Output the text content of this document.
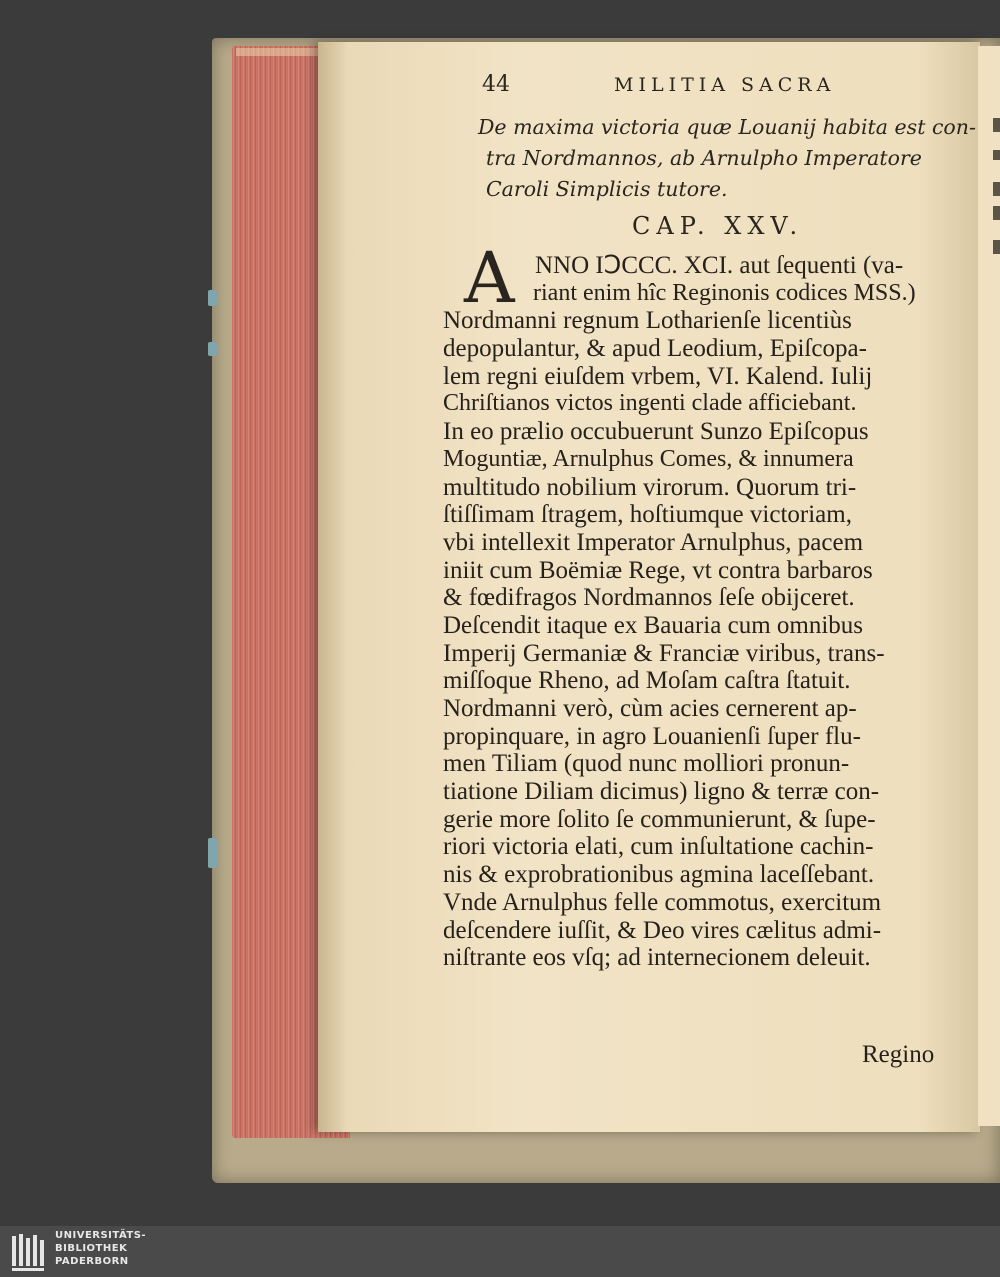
44	MILITIA SACRA
De maxima victoria quæ Louanij habita est con-
tra Nordmannos, ab Arnulpho Imperatore
Caroli Simplicis tutore.
CAP. XXV.
A NNO IↃCCC. XCI. aut ſequenti (va-
riant enim hîc Reginonis codices MSS.)
Nordmanni regnum Lotharienſe licentiùs
depopulantur, & apud Leodium, Epiſcopa-
lem regni eiuſdem vrbem, VI. Kalend. Iulij
Chriſtianos victos ingenti clade afficiebant.
In eo prælio occubuerunt Sunzo Epiſcopus
Moguntiæ, Arnulphus Comes, & innumera
multitudo nobilium virorum. Quorum tri-
ſtiſſimam ſtragem, hoſtiumque victoriam,
vbi intellexit Imperator Arnulphus, pacem
iniit cum Boëmiæ Rege, vt contra barbaros
& fœdifragos Nordmannos ſeſe obijceret.
Deſcendit itaque ex Bauaria cum omnibus
Imperij Germaniæ & Franciæ viribus, trans-
miſſoque Rheno, ad Moſam caſtra ſtatuit.
Nordmanni verò, cùm acies cernerent ap-
propinquare, in agro Louanienſi ſuper flu-
men Tiliam (quod nunc molliori pronun-
tiatione Diliam dicimus) ligno & terræ con-
gerie more ſolito ſe communierunt, & ſupe-
riori victoria elati, cum inſultatione cachin-
nis & exprobrationibus agmina laceſſebant.
Vnde Arnulphus felle commotus, exercitum
deſcendere iuſſit, & Deo vires cælitus admi-
niſtrante eos vſq; ad internecionem deleuit.
Regino
UNIVERSITÄTS-
BIBLIOTHEK
PADERBORN
